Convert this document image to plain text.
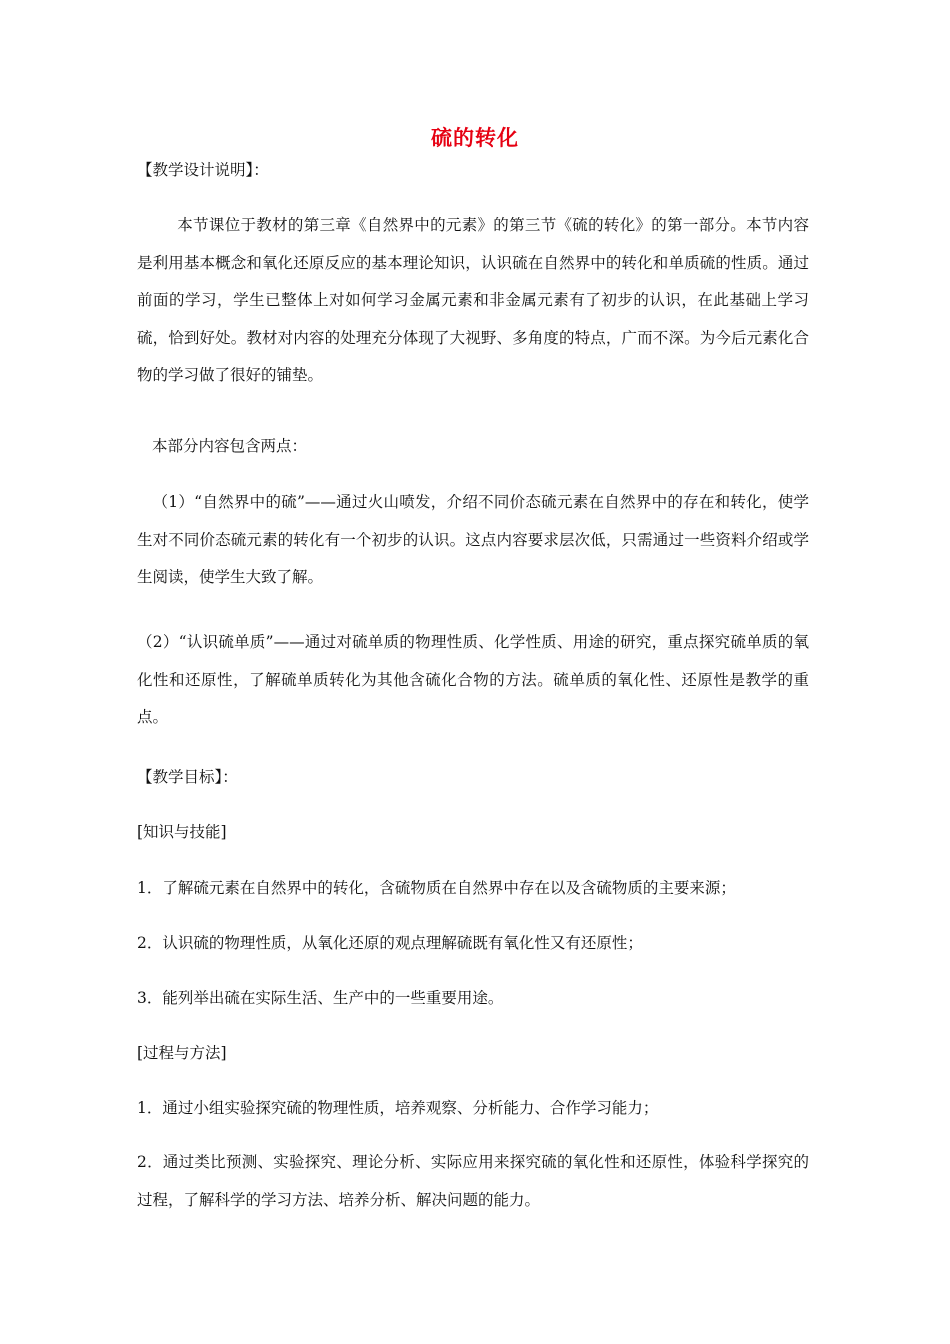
硫的转化
【教学设计说明】：
本节课位于教材的第三章《自然界中的元素》的第三节《硫的转化》的第一部分。本节内容是利用基本概念和氧化还原反应的基本理论知识，认识硫在自然界中的转化和单质硫的性质。通过前面的学习，学生已整体上对如何学习金属元素和非金属元素有了初步的认识，在此基础上学习硫，恰到好处。教材对内容的处理充分体现了大视野、多角度的特点，广而不深。为今后元素化合物的学习做了很好的铺垫。
本部分内容包含两点：
（1）“自然界中的硫”——通过火山喷发，介绍不同价态硫元素在自然界中的存在和转化，使学生对不同价态硫元素的转化有一个初步的认识。这点内容要求层次低，只需通过一些资料介绍或学生阅读，使学生大致了解。
（2）“认识硫单质”——通过对硫单质的物理性质、化学性质、用途的研究，重点探究硫单质的氧化性和还原性，了解硫单质转化为其他含硫化合物的方法。硫单质的氧化性、还原性是教学的重点。
【教学目标】：
[知识与技能]
1．了解硫元素在自然界中的转化，含硫物质在自然界中存在以及含硫物质的主要来源；
2．认识硫的物理性质，从氧化还原的观点理解硫既有氧化性又有还原性；
3．能列举出硫在实际生活、生产中的一些重要用途。
[过程与方法]
1．通过小组实验探究硫的物理性质，培养观察、分析能力、合作学习能力；
2．通过类比预测、实验探究、理论分析、实际应用来探究硫的氧化性和还原性，体验科学探究的过程，了解科学的学习方法、培养分析、解决问题的能力。
